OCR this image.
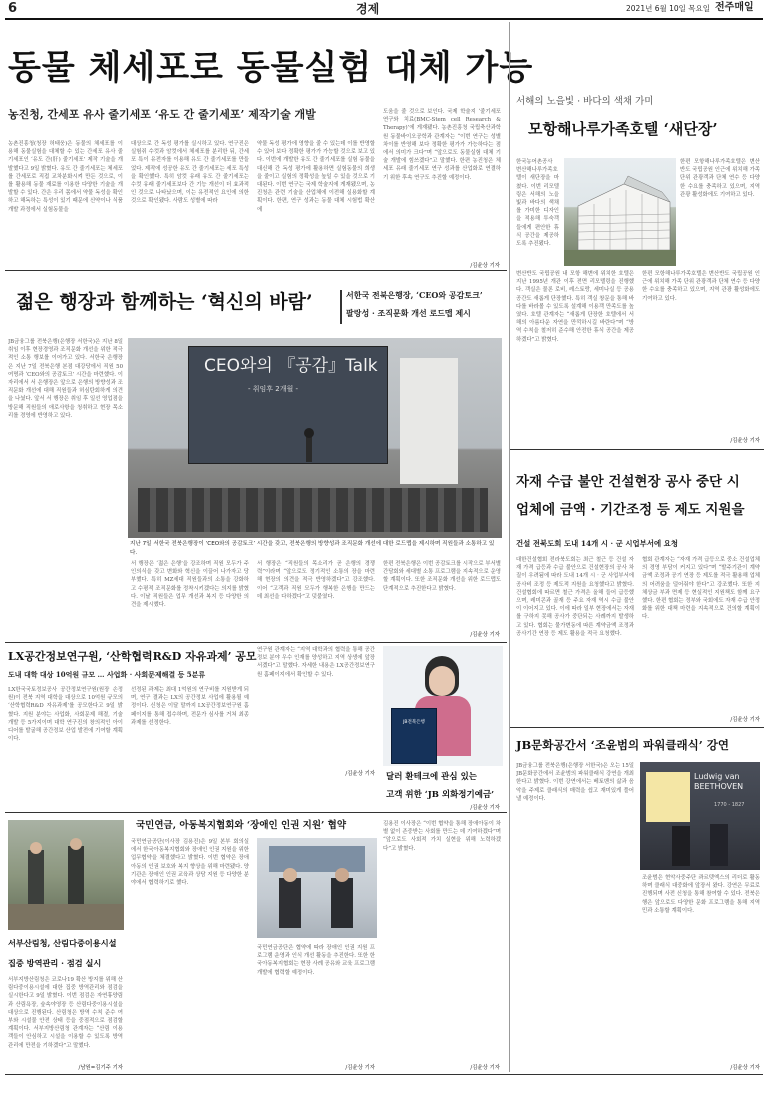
6	경제	2021년 6월 10일 목요일 전주매일
동물 체세포로 동물실험 대체 가능
농진청, 간세포 유사 줄기세포 ‘유도 간 줄기세포’ 제작기술 개발
농촌진흥청(청장 허태웅)은 동물의 체세포를 이용해 동물실험을 대체할 수 있는 간세포 유사 줄기세포인 ‘유도 간(肝) 줄기세포’ 제작 기술을 개발했다고 9일 밝혔다. 유도 간 줄기세포는 체세포를 간세포로 직접 교차분화시켜 만든 것으로, 이를 활용해 동물 재료를 이용한 다양한 기술을 개발할 수 있다. 간은 우리 몸에서 약물 독성을 확인하고 해독하는 특성이 있기 때문에 신약이나 식품 개발 과정에서 실험동물을
대상으로 간 독성 평가를 실시하고 있다. 연구진은 실험쥐 수컷과 암컷에서 체세포를 분리한 뒤, 간세포 특이 유전자를 이용해 유도 간 줄기세포를 만들었다. 제작에 성공한 유도 간 줄기세포는 세포 특성을 확인했다. 특히 암컷 유래 유도 간 줄기세포는 수컷 유래 줄기세포보다 간 기능 개선이 더 효과적인 것으로 나타났으며, 이는 유전적인 요인에 의한 것으로 확인됐다. 사람도 성별에 따라
약물 독성 평가에 영향을 줄 수 있는데 이를 반영할 수 있어 보다 정확한 평가가 가능할 것으로 보고 있다. 이번에 개발한 유도 간 줄기세포를 실험 동물을 대신해 간 독성 평가에 활용하면 실험동물의 희생을 줄이고 실험의 정확성을 높일 수 있을 것으로 기대된다. 이번 연구는 국제 학술지에 게재됐으며, 농진청은 관련 기술을 산업체에 이전해 실용화할 계획이다. 한편, 연구 성과는 동물 대체 시험법 확산에
도움을 줄 것으로 보인다. 국제 학술지 ‘줄기세포 연구와 치료(BMC-Stem cell Research & Therapy)’에 게재됐다. 농촌진흥청 국립축산과학원 동물바이오공학과 관계자는 “이번 연구는 성별 차이를 반영해 보다 정확한 평가가 가능하다는 점에서 의미가 크다”며 “앞으로도 동물실험 대체 기술 개발에 힘쓰겠다”고 말했다. 한편 농진청은 체세포 유래 줄기세포 연구 성과를 산업화로 연결하기 위한 후속 연구도 추진할 예정이다.
/김윤상 기자
서해의 노을빛 · 바다의 색채 가미
모항해나루가족호텔 ‘새단장’
한국농어촌공사 변산해나루가족호텔이 새단장을 마쳤다. 이번 리모델링은 서해의 노을빛과 바다의 색채를 가미한 디자인을 적용해 투숙객들에게 편안한 휴식 공간을 제공하도록 추진됐다.
한편 모항해나루가족호텔은 변산반도 국립공원 인근에 위치해 가족 단위 관광객과 단체 연수 등 다양한 수요를 충족하고 있으며, 지역 관광 활성화에도 기여하고 있다.
변산반도 국립공원 내 모항 해변에 위치한 호텔은 지난 1995년 개관 이후 전면 리모델링을 진행했다. 객실은 물론 로비, 레스토랑, 세미나실 등 공용 공간도 새롭게 단장했다. 특히 객실 창문을 통해 바다를 바라볼 수 있도록 설계해 이용객 만족도를 높였다. 호텔 관계자는 “새롭게 단장한 호텔에서 서해의 아름다운 자연을 만끽하시길 바란다”며 “방역 수칙을 철저히 준수해 안전한 휴식 공간을 제공하겠다”고 밝혔다.
한편 모항해나루가족호텔은 변산반도 국립공원 인근에 위치해 가족 단위 관광객과 단체 연수 등 다양한 수요를 충족하고 있으며, 지역 관광 활성화에도 기여하고 있다.
/김윤상 기자
젊은 행장과 함께하는 ‘혁신의 바람’	서한국 전북은행장, ‘CEO와 공감토크’
팔랑성 · 조직문화 개선 로드맵 제시
JB금융그룹 전북은행(은행장 서한국)은 지난 8일 취임 이후 현장경영과 조직문화 개선을 위한 적극적인 소통 행보를 이어가고 있다. 서한국 은행장은 지난 7일 전북은행 본점 대강당에서 직원 50여명과 ‘CEO와의 공감토크’ 시간을 마련했다. 이 자리에서 서 은행장은 앞으로 은행의 방향성과 조직문화 개선에 대해 직원들과 허심탄회하게 의견을 나눴다. 앞서 서 행장은 취임 후 일선 영업점을 방문해 직원들의 애로사항을 청취하고 현장 목소리를 경영에 반영하고 있다.
CEO와의 『공감』Talk
- 취임후 2개월 -
지난 7일 서한국 전북은행장이 ‘CEO와의 공감토크’ 시간을 갖고, 전북은행의 방향성과 조직문화 개선에 대한 로드맵을 제시하며 직원들과 소통하고 있다.
서 행장은 ‘젊은 은행’을 강조하며 직원 모두가 주인의식을 갖고 변화와 혁신을 이끌어 나가자고 당부했다. 특히 MZ세대 직원들과의 소통을 강화하고 수평적 조직문화를 정착시키겠다는 의지를 밝혔다. 이날 직원들은 업무 개선과 복지 등 다양한 의견을 제시했다.
서 행장은 “직원들의 목소리가 곧 은행의 경쟁력”이라며 “앞으로도 정기적인 소통의 장을 마련해 현장의 의견을 적극 반영하겠다”고 강조했다. 이어 “고객과 직원 모두가 행복한 은행을 만드는 데 최선을 다하겠다”고 덧붙였다.
한편 전북은행은 이번 공감토크를 시작으로 부서별 간담회와 세대별 소통 프로그램을 지속적으로 운영할 계획이다. 또한 조직문화 개선을 위한 로드맵도 단계적으로 추진한다고 밝혔다.
/김윤상 기자
자재 수급 불안 건설현장 공사 중단 시
업체에 금액 · 기간조정 등 제도 지원을
건설 전북도회 도내 14개 시 · 군 시업부서에 요청
대한건설협회 전라북도회는 최근 철근 등 건설 자재 가격 급등과 수급 불안으로 건설현장의 공사 차질이 우려됨에 따라 도내 14개 시 · 군 사업부서에 공사비 조정 등 제도적 지원을 요청했다고 밝혔다. 건설협회에 따르면 철근 가격은 올해 들어 급등했으며, 레미콘과 골재 등 주요 자재 역시 수급 불안이 이어지고 있다. 이에 따라 일부 현장에서는 자재를 구하지 못해 공사가 중단되는 사례까지 발생하고 있다. 협회는 물가변동에 따른 계약금액 조정과 공사기간 연장 등 제도 활용을 적극 요청했다.
협회 관계자는 “자재 가격 급등으로 중소 건설업체의 경영 부담이 커지고 있다”며 “발주기관이 계약금액 조정과 공기 연장 등 제도를 적극 활용해 업체의 어려움을 덜어줘야 한다”고 강조했다. 또한 지체상금 부과 면제 등 현실적인 지원책도 함께 요구했다. 한편 협회는 정부와 국회에도 자재 수급 안정화를 위한 대책 마련을 지속적으로 건의할 계획이다.
/김윤상 기자
LX공간정보연구원, ‘산학협력R&D 자유과제’ 공모
도내 대학 대상 10억원 규모 … 사업화 · 사회문제해결 등 5분류
LX한국국토정보공사 공간정보연구원(원장 손정원)이 전북 지역 대학을 대상으로 10억원 규모의 ‘산학협력R&D 자유과제’를 공모한다고 9일 밝혔다. 지원 분야는 사업화, 사회문제 해결, 기술 개발 등 5가지이며 대학 연구진의 창의적인 아이디어를 발굴해 공간정보 산업 발전에 기여할 계획이다.
선정된 과제는 최대 1억원의 연구비를 지원받게 되며, 연구 결과는 LX의 공간정보 사업에 활용될 예정이다. 신청은 이달 말까지 LX공간정보연구원 홈페이지를 통해 접수하며, 전문가 심사를 거쳐 최종 과제를 선정한다.
연구원 관계자는 “지역 대학과의 협력을 통해 공간정보 분야 우수 인재를 양성하고 지역 상생에 앞장서겠다”고 말했다. 자세한 내용은 LX공간정보연구원 홈페이지에서 확인할 수 있다.
/김윤상 기자
JB전북은행
달러 환테크에 관심 있는
고객 위한 ‘JB 외화정기예금’
/김윤상 기자
서부산림청, 산림다중이용시설
집중 방역관리 · 점검 실시
서부지방산림청은 코로나19 확산 방지를 위해 산림다중이용시설에 대한 집중 방역관리와 점검을 실시한다고 9일 밝혔다. 이번 점검은 자연휴양림과 산림욕장, 숲속야영장 등 산림다중이용시설을 대상으로 진행된다. 산림청은 방역 수칙 준수 여부와 시설물 안전 상태 등을 중점적으로 점검할 계획이다. 서부지방산림청 관계자는 “산림 이용객들이 안심하고 시설을 이용할 수 있도록 방역 관리에 만전을 기하겠다”고 말했다.
/남원=김기주 기자
국민연금, 아동복지협회와 ‘장애인 인권 지원’ 협약
국민연금공단(이사장 김용진)은 9일 본부 회의실에서 한국아동복지협회와 장애인 인권 지원을 위한 업무협약을 체결했다고 밝혔다. 이번 협약은 장애아동의 인권 보호와 복지 향상을 위해 마련됐다. 양 기관은 장애인 인권 교육과 상담 지원 등 다양한 분야에서 협력하기로 했다.
국민연금공단은 협약에 따라 장애인 인권 지원 프로그램 운영과 인식 개선 활동을 추진한다. 또한 한국아동복지협회는 현장 사례 공유와 교육 프로그램 개발에 협력할 예정이다.
김용진 이사장은 “이번 협약을 통해 장애아동이 차별 없이 존중받는 사회를 만드는 데 기여하겠다”며 “앞으로도 사회적 가치 실현을 위해 노력하겠다”고 밝혔다.
/김윤상 기자	/김윤상 기자
JB문화공간서 ‘조윤범의 파워클래식’ 강연
JB금융그룹 전북은행(은행장 서한국)은 오는 15일 JB문화공간에서 조윤범의 파워클래식 강연을 개최한다고 밝혔다. 이번 강연에서는 베토벤의 삶과 음악을 주제로 클래식의 매력을 쉽고 재미있게 풀어낼 예정이다.
Ludwig van BEETHOVEN
1770 - 1827
조윤범은 현악사중주단 콰르텟엑스의 리더로 활동하며 클래식 대중화에 앞장서 왔다. 강연은 무료로 진행되며 사전 신청을 통해 참여할 수 있다. 전북은행은 앞으로도 다양한 문화 프로그램을 통해 지역민과 소통할 계획이다.
/김윤상 기자
